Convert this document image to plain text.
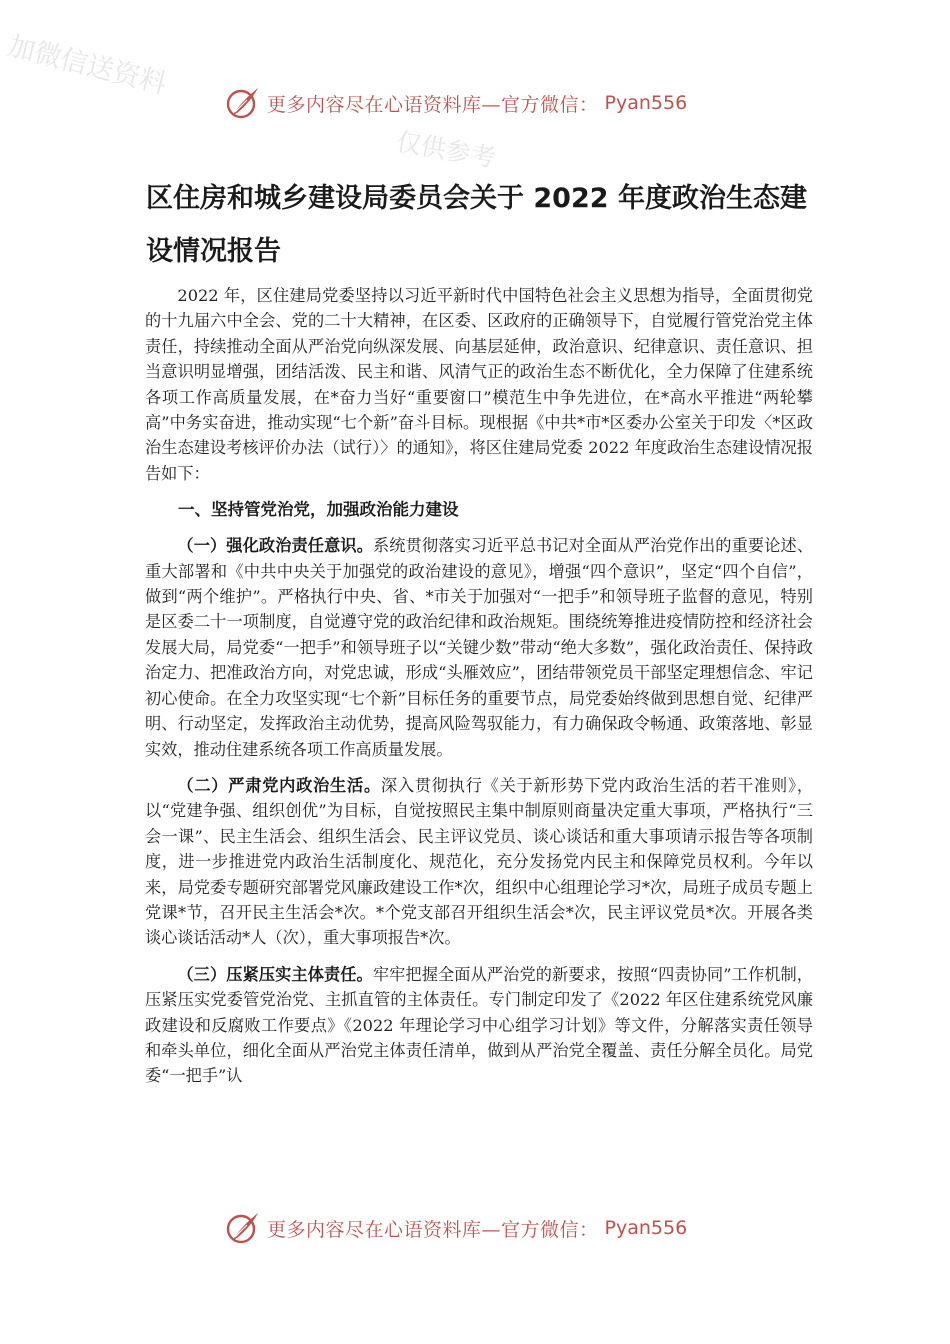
加微信送资料
仅供参考
更多内容尽在心语资料库—官方微信： Pyan556
区住房和城乡建设局委员会关于 2022 年度政治生态建设情况报告

2022 年，区住建局党委坚持以习近平新时代中国特色社会主义思想为指导，全面贯彻党的十九届六中全会、党的二十大精神，在区委、区政府的正确领导下，自觉履行管党治党主体责任，持续推动全面从严治党向纵深发展、向基层延伸，政治意识、纪律意识、责任意识、担当意识明显增强，团结活泼、民主和谐、风清气正的政治生态不断优化，全力保障了住建系统各项工作高质量发展，在*奋力当好“重要窗口”模范生中争先进位，在*高水平推进“两轮攀高”中务实奋进，推动实现“七个新”奋斗目标。现根据《中共*市*区委办公室关于印发〈*区政治生态建设考核评价办法（试行）〉的通知》，将区住建局党委 2022 年度政治生态建设情况报告如下：

一、坚持管党治党，加强政治能力建设

（一）强化政治责任意识。系统贯彻落实习近平总书记对全面从严治党作出的重要论述、重大部署和《中共中央关于加强党的政治建设的意见》，增强“四个意识”，坚定“四个自信”，做到“两个维护”。严格执行中央、省、*市关于加强对“一把手”和领导班子监督的意见，特别是区委二十一项制度，自觉遵守党的政治纪律和政治规矩。围绕统筹推进疫情防控和经济社会发展大局，局党委“一把手”和领导班子以“关键少数”带动“绝大多数”，强化政治责任、保持政治定力、把准政治方向，对党忠诚，形成“头雁效应”，团结带领党员干部坚定理想信念、牢记初心使命。在全力攻坚实现“七个新”目标任务的重要节点，局党委始终做到思想自觉、纪律严明、行动坚定，发挥政治主动优势，提高风险驾驭能力，有力确保政令畅通、政策落地、彰显实效，推动住建系统各项工作高质量发展。

（二）严肃党内政治生活。深入贯彻执行《关于新形势下党内政治生活的若干准则》，以“党建争强、组织创优”为目标，自觉按照民主集中制原则商量决定重大事项，严格执行“三会一课”、民主生活会、组织生活会、民主评议党员、谈心谈话和重大事项请示报告等各项制度，进一步推进党内政治生活制度化、规范化，充分发扬党内民主和保障党员权利。今年以来，局党委专题研究部署党风廉政建设工作*次，组织中心组理论学习*次，局班子成员专题上党课*节，召开民主生活会*次。*个党支部召开组织生活会*次，民主评议党员*次。开展各类谈心谈话活动*人（次），重大事项报告*次。

（三）压紧压实主体责任。牢牢把握全面从严治党的新要求，按照“四责协同”工作机制，压紧压实党委管党治党、主抓直管的主体责任。专门制定印发了《2022 年区住建系统党风廉政建设和反腐败工作要点》《2022 年理论学习中心组学习计划》等文件，分解落实责任领导和牵头单位，细化全面从严治党主体责任清单，做到从严治党全覆盖、责任分解全员化。局党委“一把手”认

更多内容尽在心语资料库—官方微信： Pyan556
